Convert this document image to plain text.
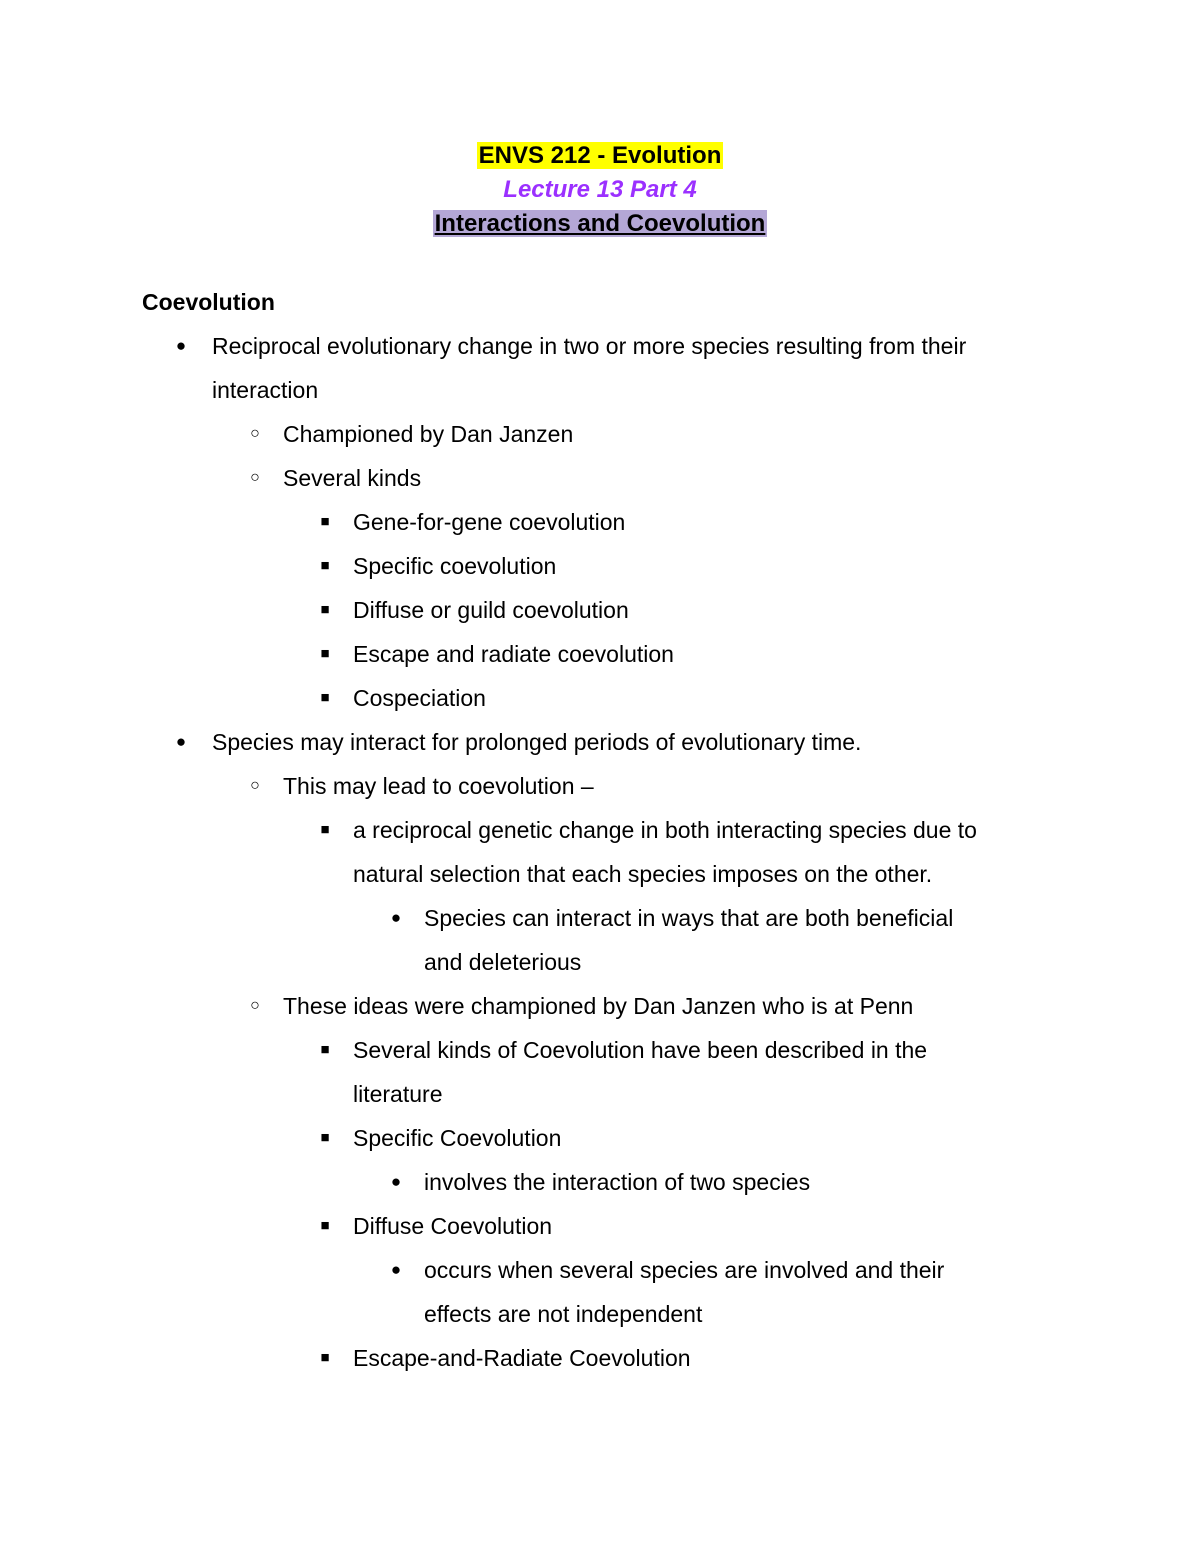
ENVS 212 - Evolution
Lecture 13 Part 4
Interactions and Coevolution
Coevolution
● Reciprocal evolutionary change in two or more species resulting from their
interaction
○ Championed by Dan Janzen
○ Several kinds
■ Gene-for-gene coevolution
■ Specific coevolution
■ Diffuse or guild coevolution
■ Escape and radiate coevolution
■ Cospeciation
● Species may interact for prolonged periods of evolutionary time.
○ This may lead to coevolution –
■ a reciprocal genetic change in both interacting species due to
natural selection that each species imposes on the other.
● Species can interact in ways that are both beneficial
and deleterious
○ These ideas were championed by Dan Janzen who is at Penn
■ Several kinds of Coevolution have been described in the
literature
■ Specific Coevolution
● involves the interaction of two species
■ Diffuse Coevolution
● occurs when several species are involved and their
effects are not independent
■ Escape-and-Radiate Coevolution
